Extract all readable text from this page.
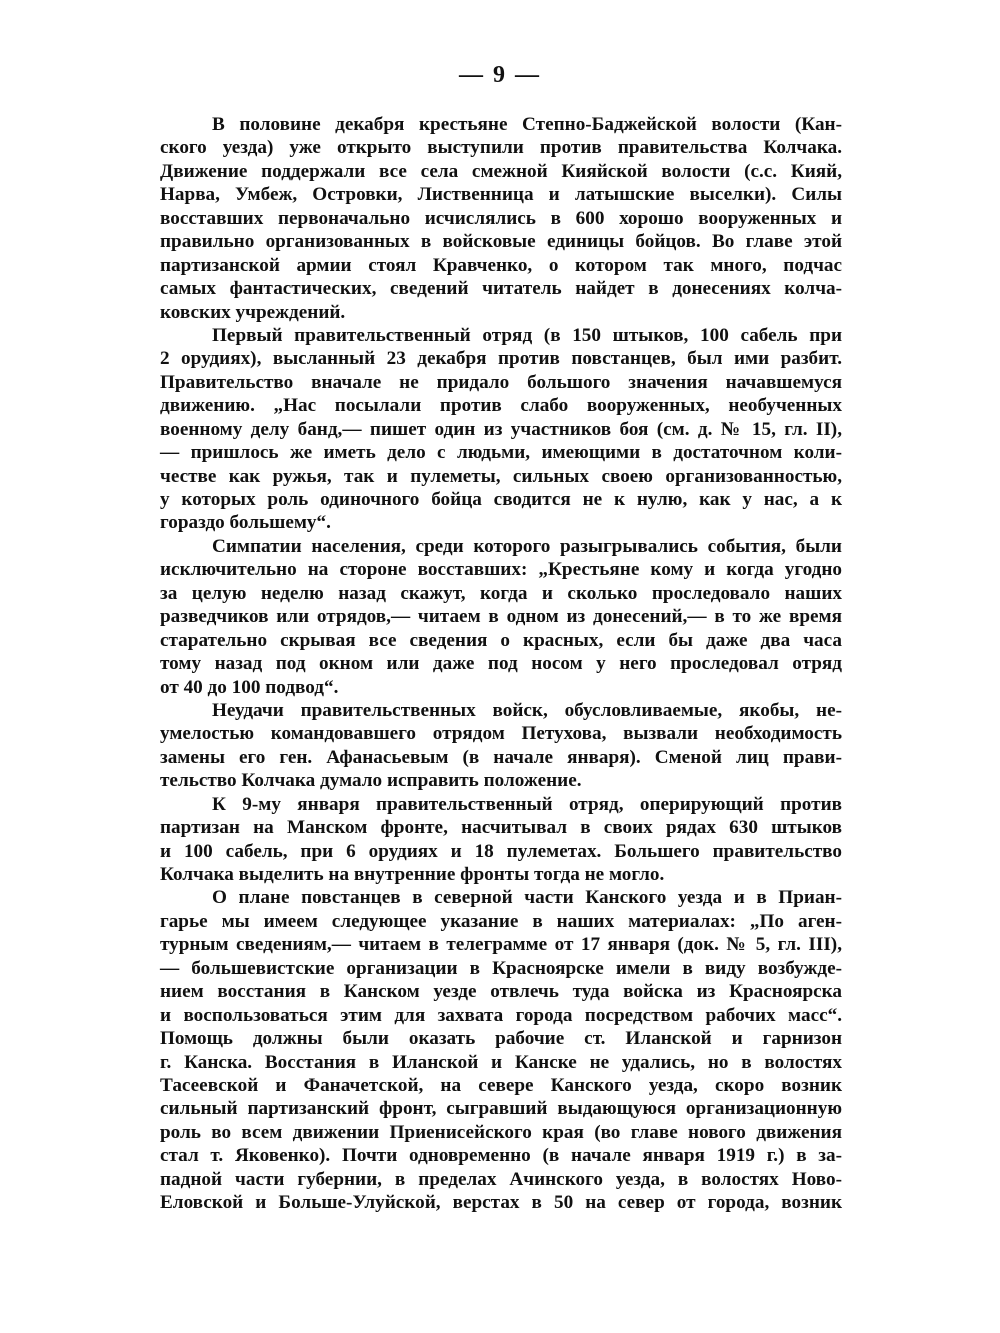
— 9 —
В половине декабря крестьяне Степно-Баджейской волости (Кан-
ского уезда) уже открыто выступили против правительства Колчака.
Движение поддержали все села смежной Кияйской волости (с.с. Кияй,
Нарва, Умбеж, Островки, Лиственница и латышские выселки). Силы
восставших первоначально исчислялись в 600 хорошо вооруженных и
правильно организованных в войсковые единицы бойцов. Во главе этой
партизанской армии стоял Кравченко, о котором так много, подчас
самых фантастических, сведений читатель найдет в донесениях колча-
ковских учреждений.
Первый правительственный отряд (в 150 штыков, 100 сабель при
2 орудиях), высланный 23 декабря против повстанцев, был ими разбит.
Правительство вначале не придало большого значения начавшемуся
движению. „Нас посылали против слабо вооруженных, необученных
военному делу банд,— пишет один из участников боя (см. д. № 15, гл. II),
— пришлось же иметь дело с людьми, имеющими в достаточном коли-
честве как ружья, так и пулеметы, сильных своею организованностью,
у которых роль одиночного бойца сводится не к нулю, как у нас, а к
гораздо большему“.
Симпатии населения, среди которого разыгрывались события, были
исключительно на стороне восставших: „Крестьяне кому и когда угодно
за целую неделю назад скажут, когда и сколько проследовало наших
разведчиков или отрядов,— читаем в одном из донесений,— в то же время
старательно скрывая все сведения о красных, если бы даже два часа
тому назад под окном или даже под носом у него проследовал отряд
от 40 до 100 подвод“.
Неудачи правительственных войск, обусловливаемые, якобы, не-
умелостью командовавшего отрядом Петухова, вызвали необходимость
замены его ген. Афанасьевым (в начале января). Сменой лиц прави-
тельство Колчака думало исправить положение.
К 9-му января правительственный отряд, оперирующий против
партизан на Манском фронте, насчитывал в своих рядах 630 штыков
и 100 сабель, при 6 орудиях и 18 пулеметах. Большего правительство
Колчака выделить на внутренние фронты тогда не могло.
О плане повстанцев в северной части Канского уезда и в Приан-
гарье мы имеем следующее указание в наших материалах: „По аген-
турным сведениям,— читаем в телеграмме от 17 января (док. № 5, гл. III),
— большевистские организации в Красноярске имели в виду возбужде-
нием восстания в Канском уезде отвлечь туда войска из Красноярска
и воспользоваться этим для захвата города посредством рабочих масс“.
Помощь должны были оказать рабочие ст. Иланской и гарнизон
г. Канска. Восстания в Иланской и Канске не удались, но в волостях
Тасеевской и Фаначетской, на севере Канского уезда, скоро возник
сильный партизанский фронт, сыгравший выдающуюся организационную
роль во всем движении Приенисейского края (во главе нового движения
стал т. Яковенко). Почти одновременно (в начале января 1919 г.) в за-
падной части губернии, в пределах Ачинского уезда, в волостях Ново-
Еловской и Больше-Улуйской, верстах в 50 на север от города, возник
